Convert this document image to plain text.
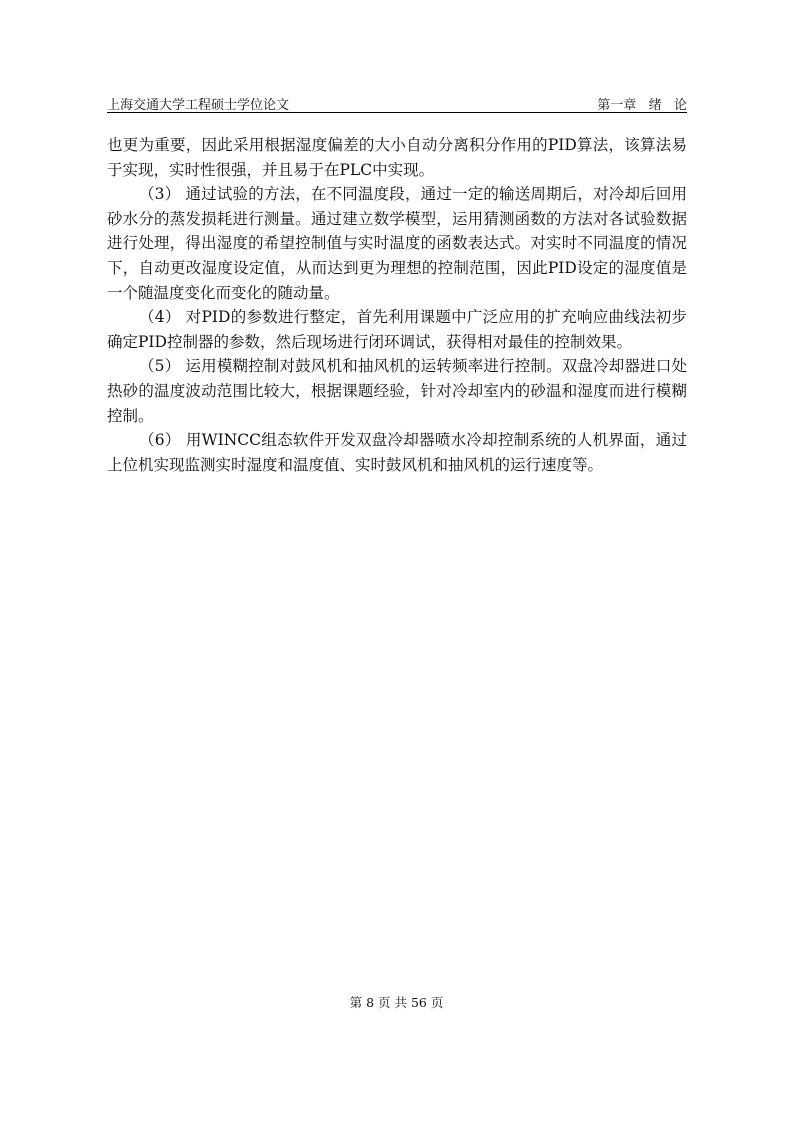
上海交通大学工程硕士学位论文	第一章   绪   论

也更为重要，因此采用根据湿度偏差的大小自动分离积分作用的PID算法，该算法易于实现，实时性很强，并且易于在PLC中实现。

（3） 通过试验的方法，在不同温度段，通过一定的输送周期后，对冷却后回用砂水分的蒸发损耗进行测量。通过建立数学模型，运用猜测函数的方法对各试验数据进行处理，得出湿度的希望控制值与实时温度的函数表达式。对实时不同温度的情况下，自动更改湿度设定值，从而达到更为理想的控制范围，因此PID设定的湿度值是一个随温度变化而变化的随动量。

（4） 对PID的参数进行整定，首先利用课题中广泛应用的扩充响应曲线法初步确定PID控制器的参数，然后现场进行闭环调试，获得相对最佳的控制效果。

（5） 运用模糊控制对鼓风机和抽风机的运转频率进行控制。双盘冷却器进口处热砂的温度波动范围比较大，根据课题经验，针对冷却室内的砂温和湿度而进行模糊控制。

（6） 用WINCC组态软件开发双盘冷却器喷水冷却控制系统的人机界面，通过上位机实现监测实时湿度和温度值、实时鼓风机和抽风机的运行速度等。

第 8 页 共 56 页
